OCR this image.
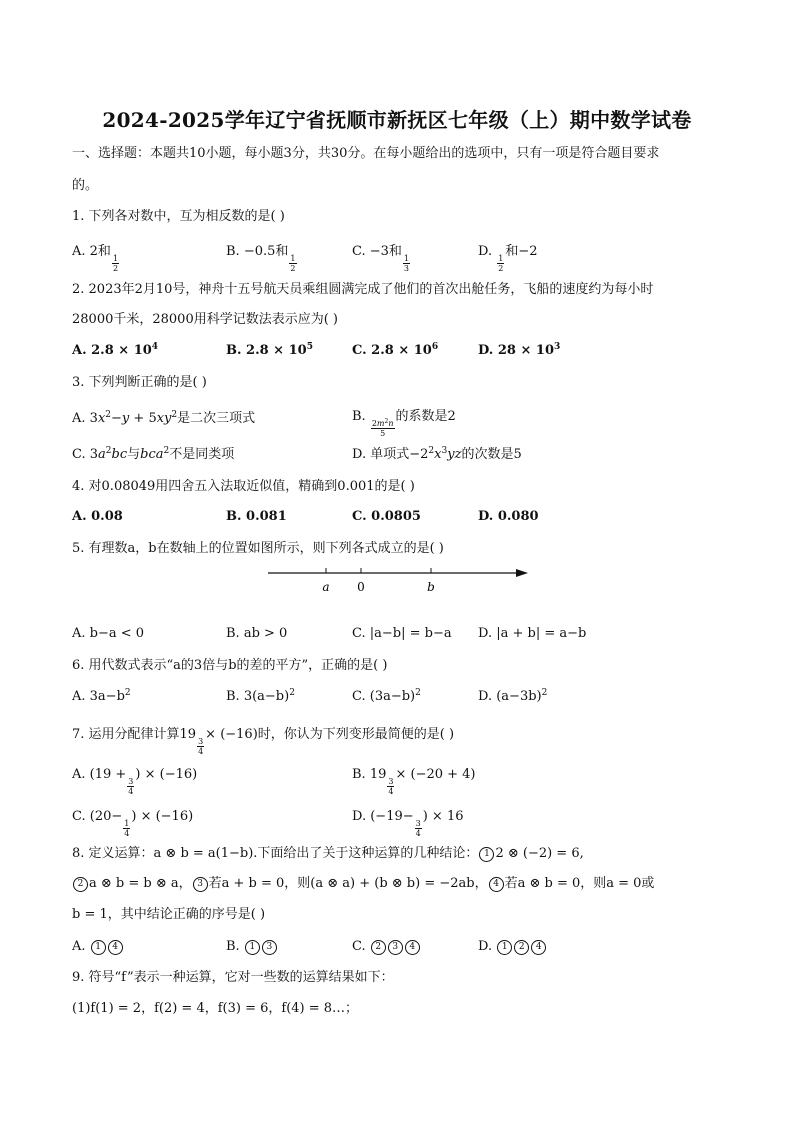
2024-2025学年辽宁省抚顺市新抚区七年级（上）期中数学试卷
一、选择题：本题共10小题，每小题3分，共30分。在每小题给出的选项中，只有一项是符合题目要求
的。
1. 下列各对数中，互为相反数的是( )
A. 2和
$\frac{1}{2}$
B. −0.5和
$\frac{1}{2}$
C. −3和
$\frac{1}{3}$
D.
$\frac{1}{2}$
和−2
2. 2023年2月10号，神舟十五号航天员乘组圆满完成了他们的首次出舱任务，飞船的速度约为每小时
28000千米，28000用科学记数法表示应为( )
A. $2.8 \times 10^4$	B. $2.8 \times 10^5$	C. $2.8 \times 10^6$	D. $28 \times 10^3$
3. 下列判断正确的是( )
A. $3x^2-y + 5xy^2$是二次三项式	B.
$\frac{2m^2n}{5}$
的系数是2
C. $3a^2bc$与bca$^2$不是同类项	D. 单项式$-2^2x^3yz$的次数是5
4. 对0.08049用四舍五入法取近似值，精确到0.001的是( )
A. 0.08	B. 0.081	C. 0.0805	D. 0.080
5. 有理数a，b在数轴上的位置如图所示，则下列各式成立的是( )
a 0	b
A. b−a < 0	B. ab > 0	C. |a−b| = b−a D. |a + b| = a−b
6. 用代数式表示“a的3倍与b的差的平方”，正确的是( )
A. $3a-b^2$	B. $3(a-b)^2$	C. $(3a-b)^2$	D. $(a-3b)^2$
7. 运用分配律计算19
$\frac{3}{4}$
× (−16)时，你认为下列变形最简便的是( )
A. (19 +
$\frac{3}{4}$
) × (−16)	B. 19
$\frac{3}{4}$
× (−20 + 4)
C. (20−
$\frac{1}{4}$
) × (−16)	D. (−19−
$\frac{3}{4}$
) × 16
8. 定义运算：a ⊗ b = a(1−b).下面给出了关于这种运算的几种结论： 1 2 ⊗ (−2) = 6,
2 a ⊗ b = b ⊗ a， 3 若a + b = 0，则(a ⊗ a) + (b ⊗ b) = −2ab， 4 若a ⊗ b = 0，则a = 0或
b = 1，其中结论正确的序号是( )
A. 1 4	B. 1 3	C. 2 3 4	D. 1 2 4
9. 符号“f”表示一种运算，它对一些数的运算结果如下：
(1)f(1) = 2，f(2) = 4，f(3) = 6，f(4) = 8…；
